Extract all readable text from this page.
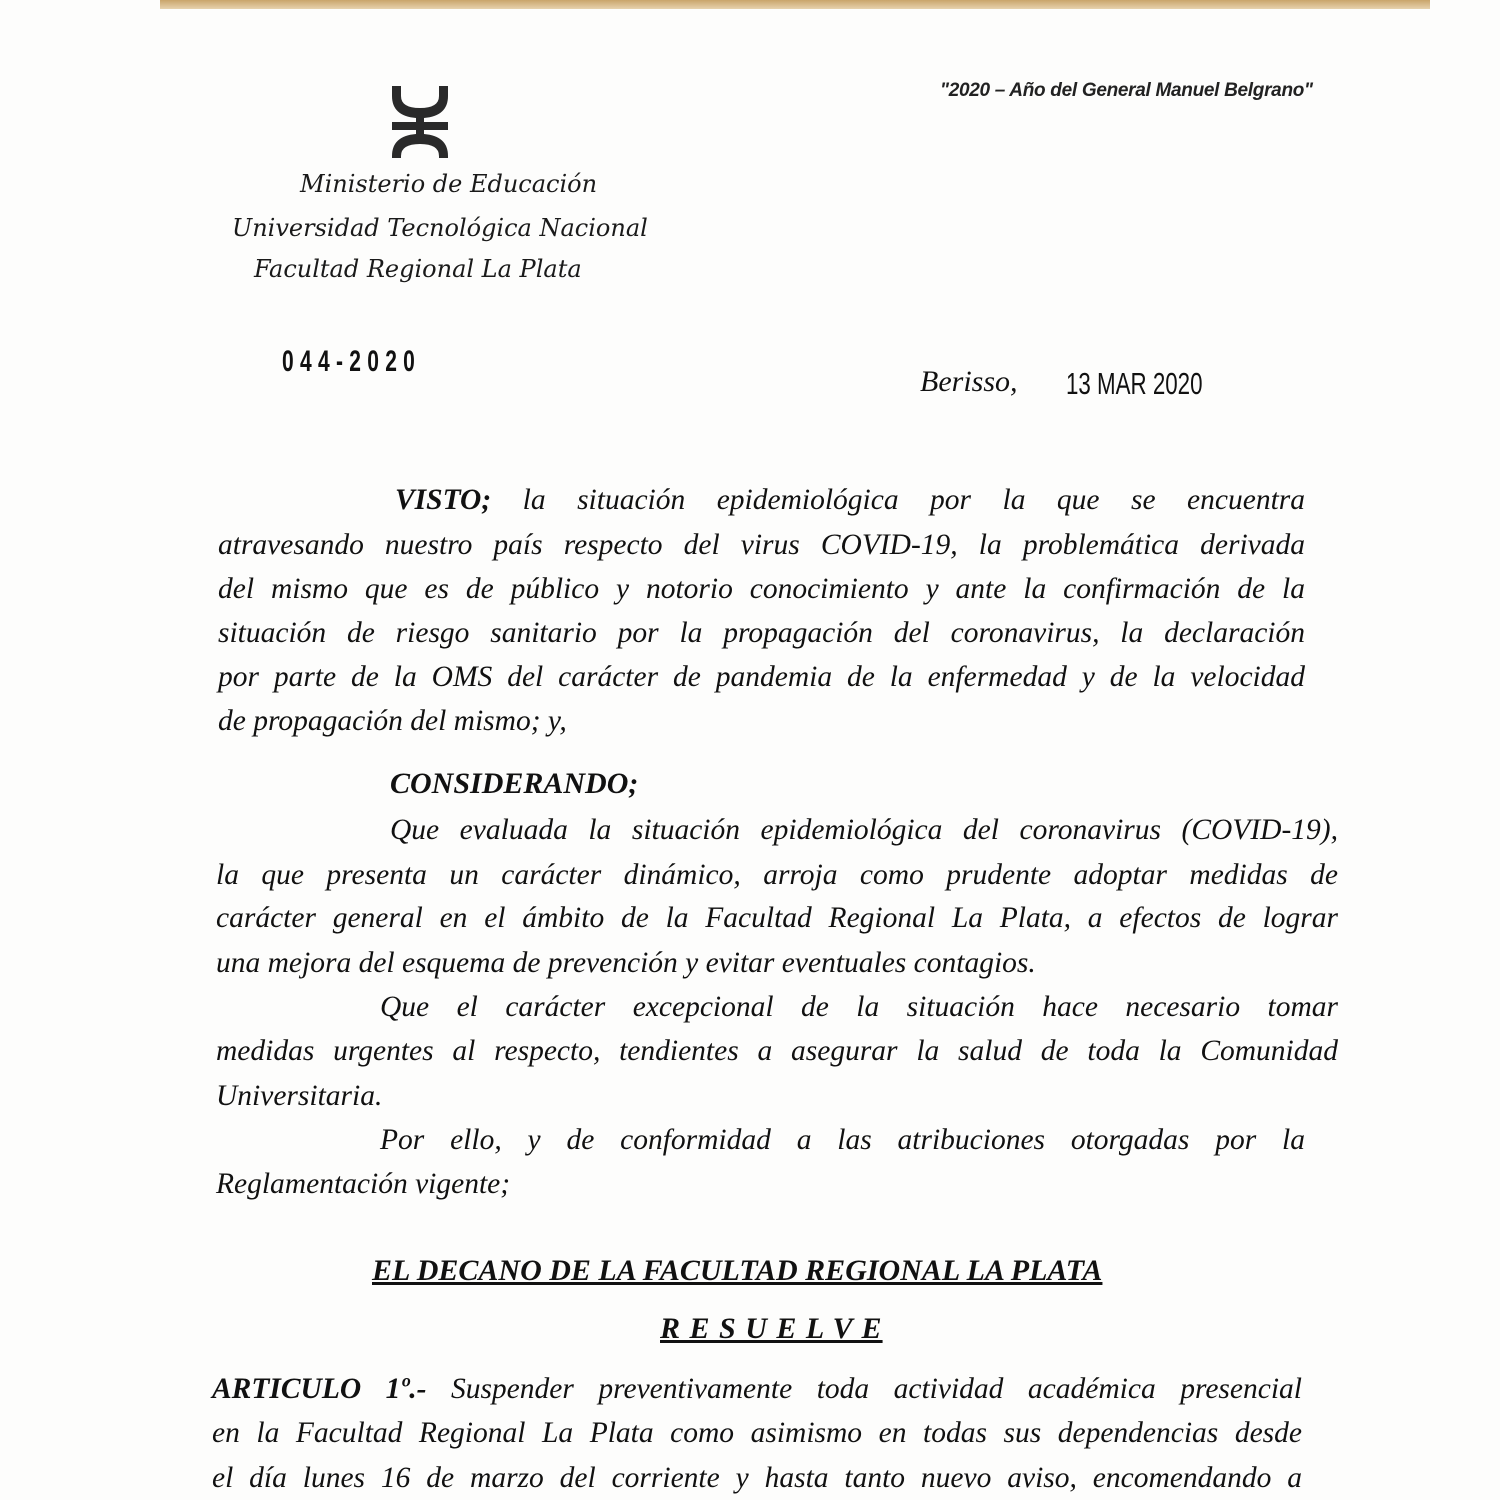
"2020 – Año del General Manuel Belgrano"
Ministerio de Educación
Universidad Tecnológica Nacional
Facultad Regional La Plata
044-2020
Berisso, 13 MAR 2020
VISTO; la situación epidemiológica por la que se encuentra
atravesando nuestro país respecto del virus COVID-19, la problemática derivada
del mismo que es de público y notorio conocimiento y ante la confirmación de la
situación de riesgo sanitario por la propagación del coronavirus, la declaración
por parte de la OMS del carácter de pandemia de la enfermedad y de la velocidad
de propagación del mismo; y,
Que evaluada la situación epidemiológica del coronavirus (COVID-19),
la que presenta un carácter dinámico, arroja como prudente adoptar medidas de
carácter general en el ámbito de la Facultad Regional La Plata, a efectos de lograr
una mejora del esquema de prevención y evitar eventuales contagios.
Que el carácter excepcional de la situación hace necesario tomar
medidas urgentes al respecto, tendientes a asegurar la salud de toda la Comunidad
Universitaria.
Por ello, y de conformidad a las atribuciones otorgadas por la
Reglamentación vigente;
ARTICULO 1º.- Suspender preventivamente toda actividad académica presencial
en la Facultad Regional La Plata como asimismo en todas sus dependencias desde
el día lunes 16 de marzo del corriente y hasta tanto nuevo aviso, encomendando a
CONSIDERANDO;
EL DECANO DE LA FACULTAD REGIONAL LA PLATA
R E S U E L V E
